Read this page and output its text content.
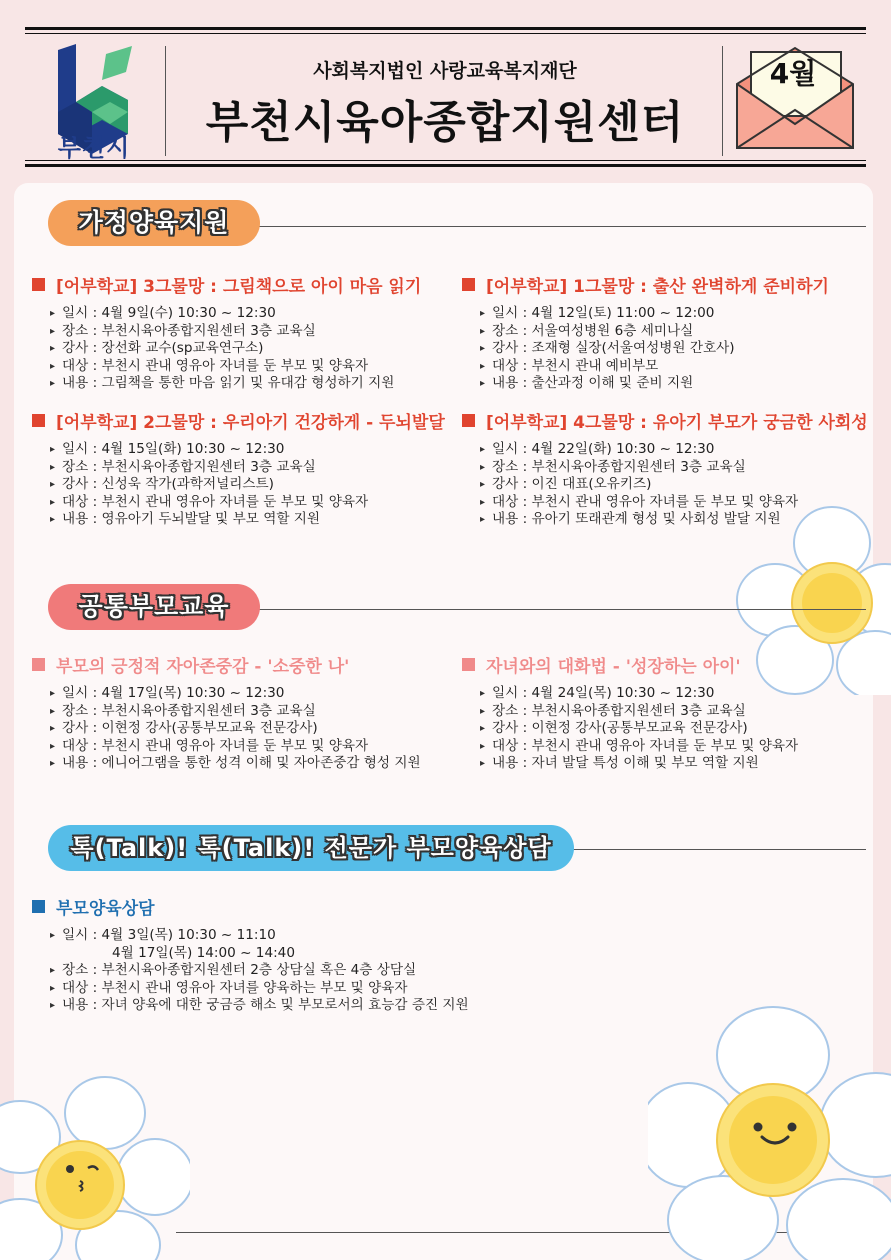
부천시
사회복지법인 사랑교육복지재단
부천시육아종합지원센터
4월
가정양육지원
[어부학교] 3그물망 : 그림책으로 아이 마음 읽기
▸ 일시 : 4월 9일(수) 10:30 ~ 12:30
▸ 장소 : 부천시육아종합지원센터 3층 교육실
▸ 강사 : 장선화 교수(sp교육연구소)
▸ 대상 : 부천시 관내 영유아 자녀를 둔 부모 및 양육자
▸ 내용 : 그림책을 통한 마음 읽기 및 유대감 형성하기 지원
[어부학교] 1그물망 : 출산 완벽하게 준비하기
▸ 일시 : 4월 12일(토) 11:00 ~ 12:00
▸ 장소 : 서울여성병원 6층 세미나실
▸ 강사 : 조재형 실장(서울여성병원 간호사)
▸ 대상 : 부천시 관내 예비부모
▸ 내용 : 출산과정 이해 및 준비 지원
[어부학교] 2그물망 : 우리아기 건강하게 - 두뇌발달
▸ 일시 : 4월 15일(화) 10:30 ~ 12:30
▸ 장소 : 부천시육아종합지원센터 3층 교육실
▸ 강사 : 신성욱 작가(과학저널리스트)
▸ 대상 : 부천시 관내 영유아 자녀를 둔 부모 및 양육자
▸ 내용 : 영유아기 두뇌발달 및 부모 역할 지원
[어부학교] 4그물망 : 유아기 부모가 궁금한 사회성
▸ 일시 : 4월 22일(화) 10:30 ~ 12:30
▸ 장소 : 부천시육아종합지원센터 3층 교육실
▸ 강사 : 이진 대표(오유키즈)
▸ 대상 : 부천시 관내 영유아 자녀를 둔 부모 및 양육자
▸ 내용 : 유아기 또래관계 형성 및 사회성 발달 지원
공통부모교육
부모의 긍정적 자아존중감 - '소중한 나'
▸ 일시 : 4월 17일(목) 10:30 ~ 12:30
▸ 장소 : 부천시육아종합지원센터 3층 교육실
▸ 강사 : 이현정 강사(공통부모교육 전문강사)
▸ 대상 : 부천시 관내 영유아 자녀를 둔 부모 및 양육자
▸ 내용 : 에니어그램을 통한 성격 이해 및 자아존중감 형성 지원
자녀와의 대화법 - '성장하는 아이'
▸ 일시 : 4월 24일(목) 10:30 ~ 12:30
▸ 장소 : 부천시육아종합지원센터 3층 교육실
▸ 강사 : 이현정 강사(공통부모교육 전문강사)
▸ 대상 : 부천시 관내 영유아 자녀를 둔 부모 및 양육자
▸ 내용 : 자녀 발달 특성 이해 및 부모 역할 지원
톡(Talk)! 톡(Talk)! 전문가 부모양육상담
부모양육상담
▸ 일시 : 4월 3일(목) 10:30 ~ 11:10
4월 17일(목) 14:00 ~ 14:40
▸ 장소 : 부천시육아종합지원센터 2층 상담실 혹은 4층 상담실
▸ 대상 : 부천시 관내 영유아 자녀를 양육하는 부모 및 양육자
▸ 내용 : 자녀 양육에 대한 궁금증 해소 및 부모로서의 효능감 증진 지원
